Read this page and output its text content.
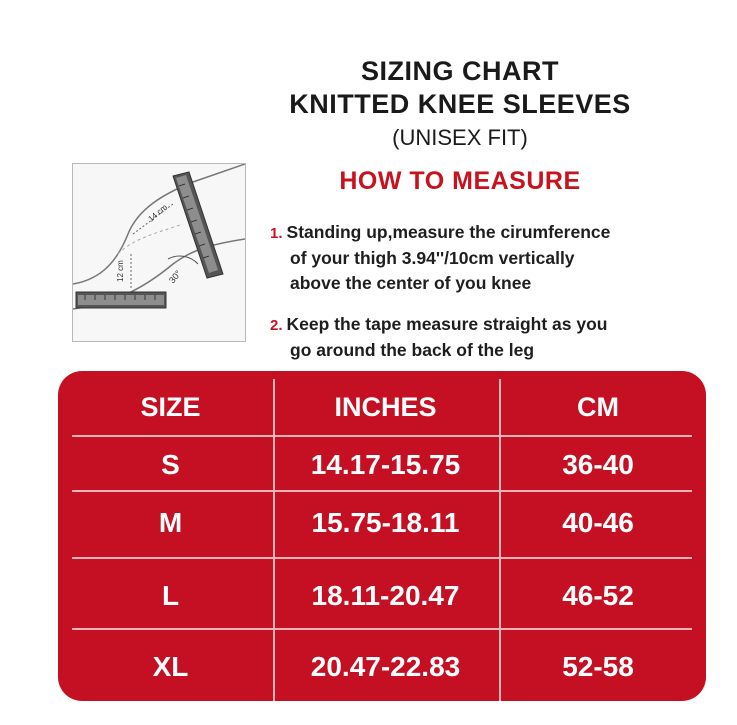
SIZING CHART
KNITTED KNEE SLEEVES
(UNISEX FIT)
HOW TO MEASURE
1. Standing up,measure the cirumference
of your thigh 3.94''/10cm vertically
above the center of you knee
2. Keep the tape measure straight as you
go around the back of the leg
14 cm
12 cm	30°
SIZE	INCHES	CM
S	14.17-15.75	36-40
M	15.75-18.11	40-46
L	18.11-20.47	46-52
XL	20.47-22.83	52-58
